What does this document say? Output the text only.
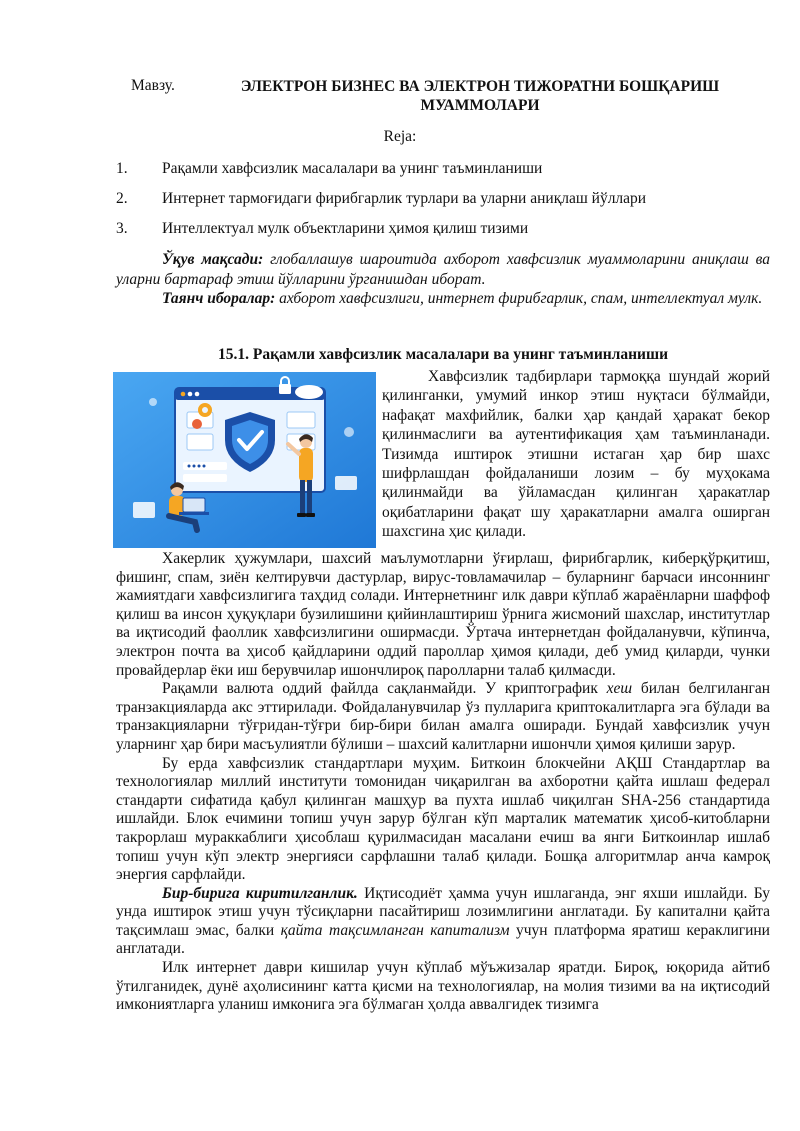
Мавзу.	ЭЛЕКТРОН БИЗНЕС ВА ЭЛЕКТРОН ТИЖОРАТНИ БОШҚАРИШ МУАММОЛАРИ
Reja:
1. Рақамли хавфсизлик масалалари ва унинг таъминланиши
2. Интернет тармоғидаги фирибгарлик турлари ва уларни аниқлаш йўллари
3. Интеллектуал мулк объектларини ҳимоя қилиш тизими

Ўқув мақсади: глобаллашув шароитида ахборот хавфсизлик муаммоларини аниқлаш ва уларни бартараф этиш йўлларини ўрганишдан иборат.

Таянч иборалар: ахборот хавфсизлиги, интернет фирибгарлик, спам, интеллектуал мулк.

15.1. Рақамли хавфсизлик масалалари ва унинг таъминланиши

Хавфсизлик тадбирлари тармоққа шундай жорий қилинганки, умумий инкор этиш нуқтаси бўлмайди, нафақат махфийлик, балки ҳар қандай ҳаракат бекор қилинмаслиги ва аутентификация ҳам таъминланади. Тизимда иштирок этишни истаган ҳар бир шахс шифрлашдан фойдаланиши лозим – бу муҳокама қилинмайди ва ўйламасдан қилинган ҳаракатлар оқибатларини фақат шу ҳаракатларни амалга оширган шахсгина ҳис қилади.

Хакерлик ҳужумлари, шахсий маълумотларни ўғирлаш, фирибгарлик, киберқўрқитиш, фишинг, спам, зиён келтирувчи дастурлар, вирус-товламачилар – буларнинг барчаси инсоннинг жамиятдаги хавфсизлигига таҳдид солади. Интернетнинг илк даври кўплаб жараёнларни шаффоф қилиш ва инсон ҳуқуқлари бузилишини қийинлаштириш ўрнига жисмоний шахслар, институтлар ва иқтисодий фаоллик хавфсизлигини оширмасди. Ўртача интернетдан фойдаланувчи, кўпинча, электрон почта ва ҳисоб қайдларини оддий пароллар ҳимоя қилади, деб умид қиларди, чунки провайдерлар ёки иш берувчилар ишончлироқ паролларни талаб қилмасди.

Рақамли валюта оддий файлда сақланмайди. У криптографик хеш билан белгиланган транзакцияларда акс эттирилади. Фойдаланувчилар ўз пулларига криптокалитларга эга бўлади ва транзакцияларни тўғридан-тўғри бир-бири билан амалга оширади. Бундай хавфсизлик учун уларнинг ҳар бири масъулиятли бўлиши – шахсий калитларни ишончли ҳимоя қилиши зарур.

Бу ерда хавфсизлик стандартлари муҳим. Биткоин блокчейни АҚШ Стандартлар ва технологиялар миллий институти томонидан чиқарилган ва ахборотни қайта ишлаш федерал стандарти сифатида қабул қилинган машҳур ва пухта ишлаб чиқилган SHA-256 стандартида ишлайди. Блок ечимини топиш учун зарур бўлган кўп марталик математик ҳисоб-китобларни такрорлаш мураккаблиги ҳисоблаш қурилмасидан масалани ечиш ва янги Биткоинлар ишлаб топиш учун кўп электр энергияси сарфлашни талаб қилади. Бошқа алгоритмлар анча камроқ энергия сарфлайди.

Бир-бирига киритилганлик. Иқтисодиёт ҳамма учун ишлаганда, энг яхши ишлайди. Бу унда иштирок этиш учун тўсиқларни пасайтириш лозимлигини англатади. Бу капитални қайта тақсимлаш эмас, балки қайта тақсимланган капитализм учун платформа яратиш кераклигини англатади.

Илк интернет даври кишилар учун кўплаб мўъжизалар яратди. Бироқ, юқорида айтиб ўтилганидек, дунё аҳолисининг катта қисми на технологиялар, на молия тизими ва на иқтисодий имкониятларга уланиш имконига эга бўлмаган ҳолда аввалгидек тизимга
